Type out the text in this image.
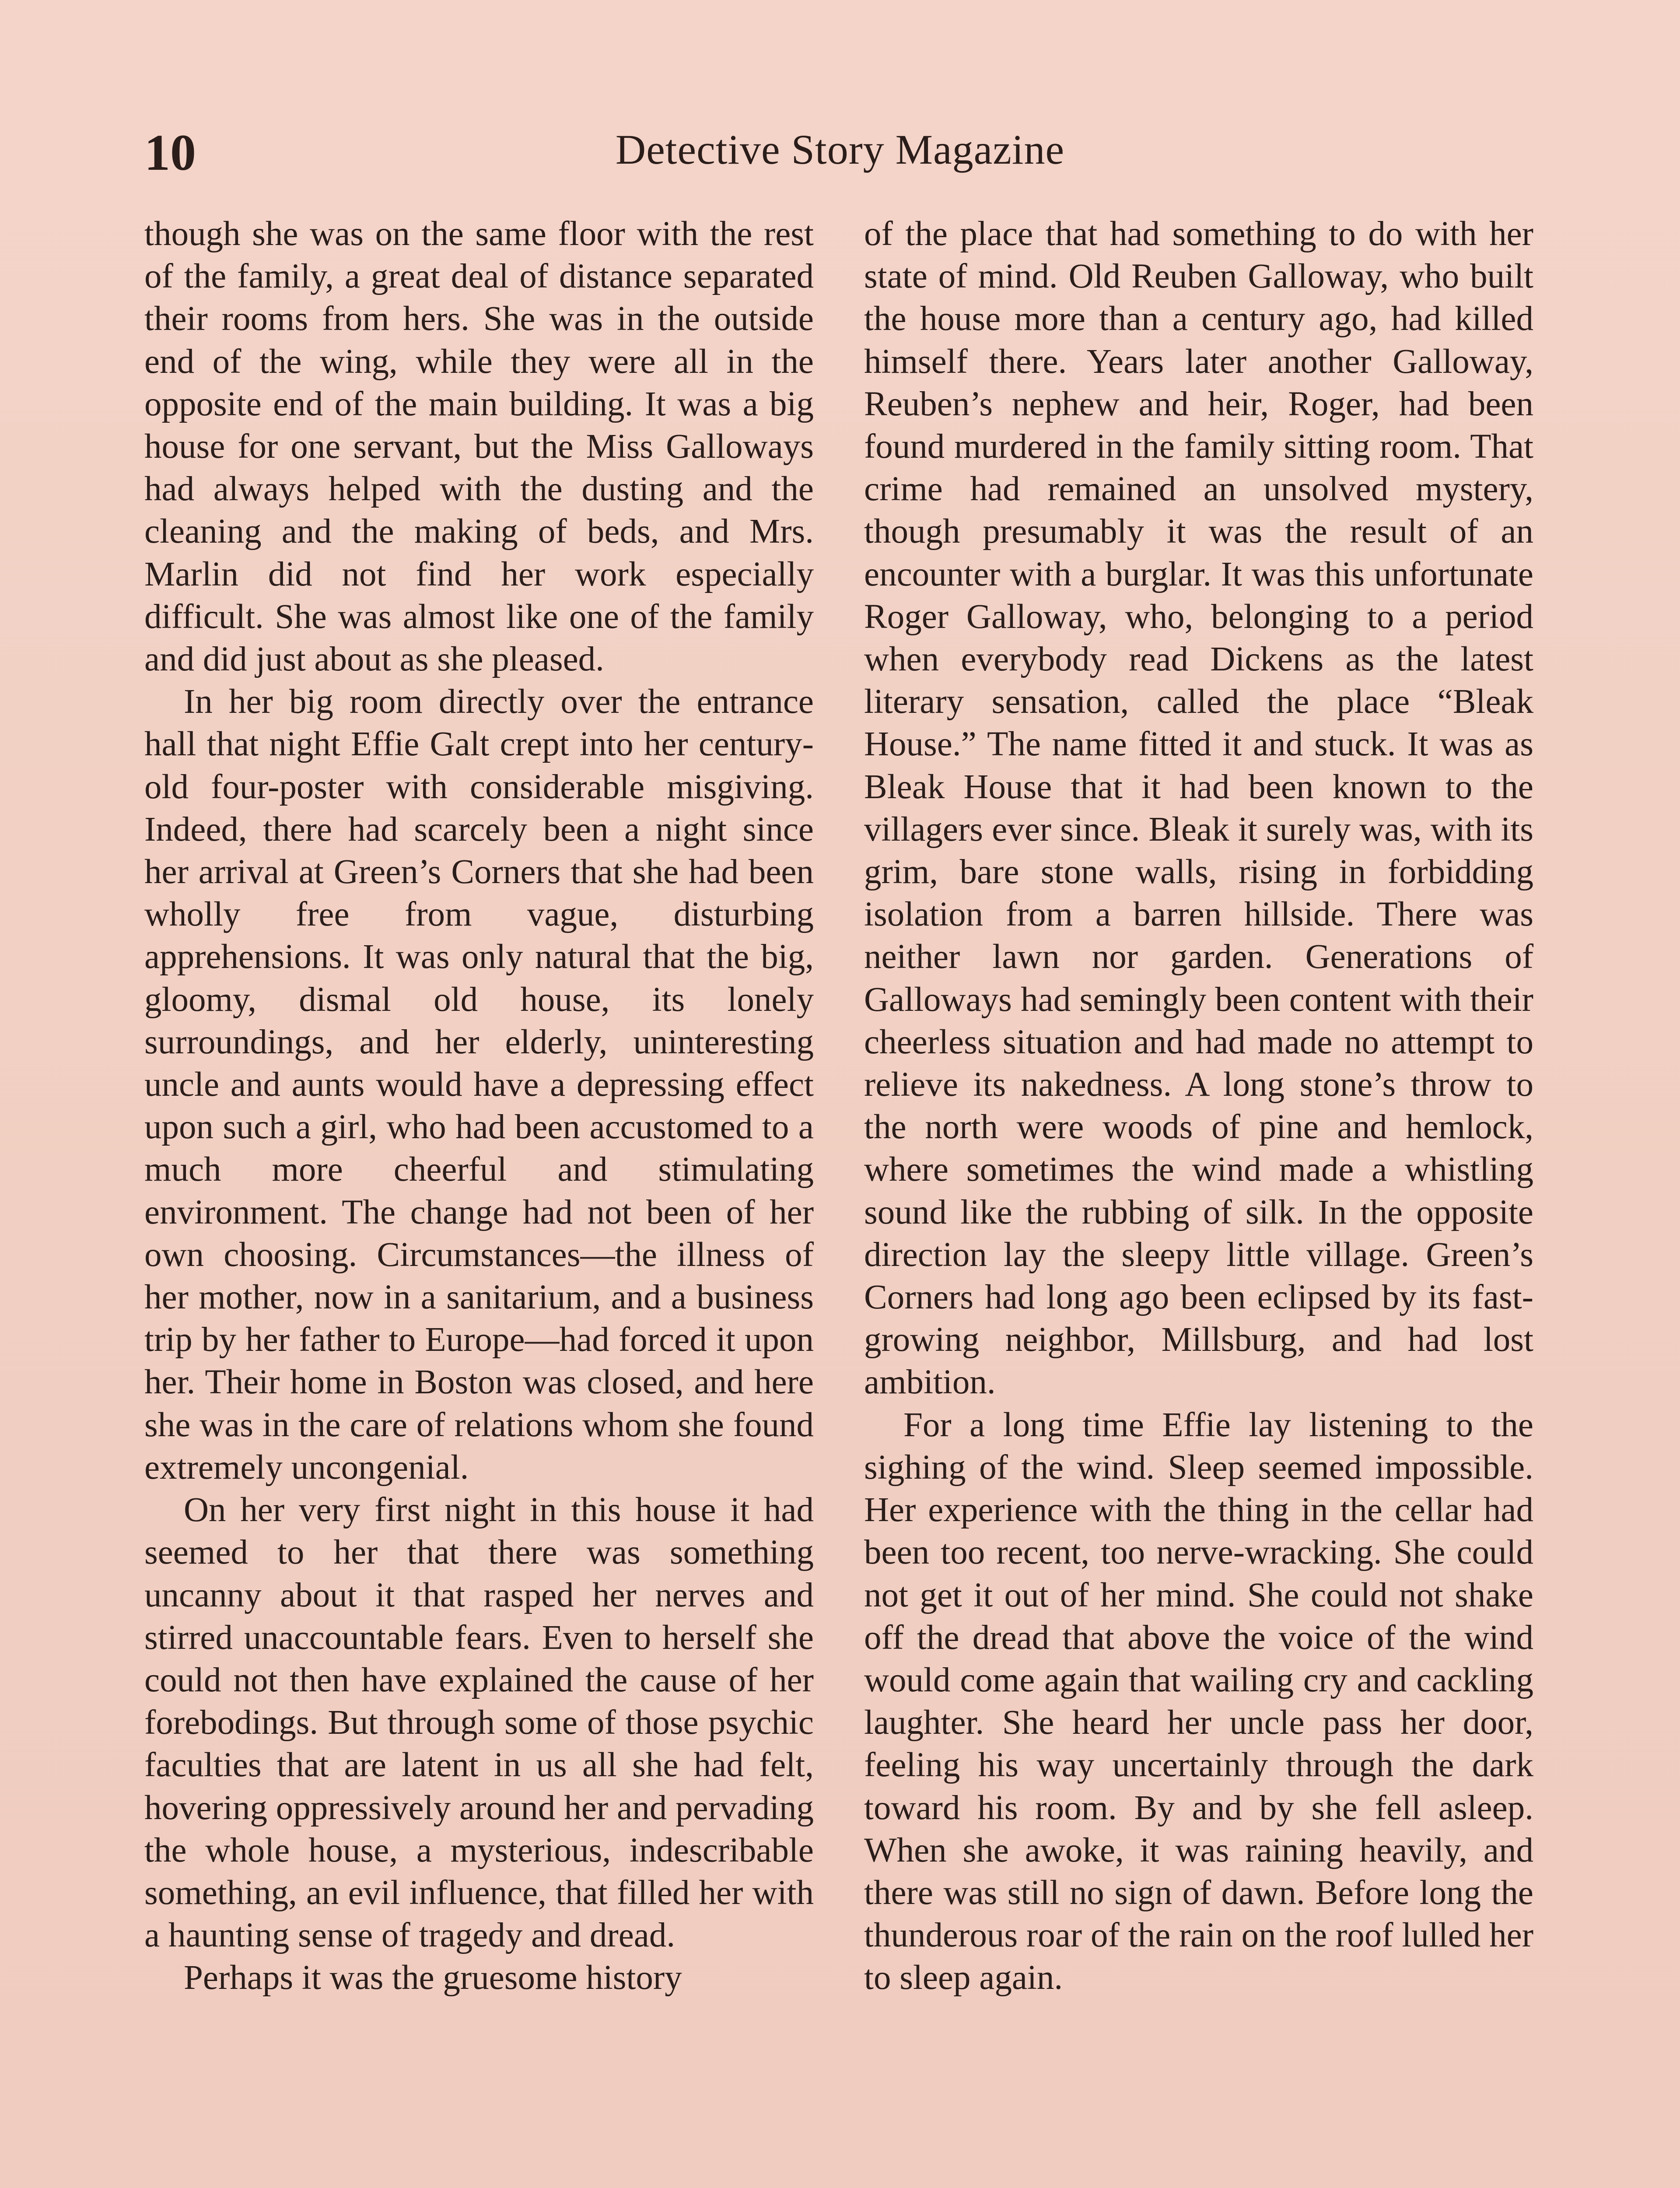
10	Detective Story Magazine

though she was on the same floor with the rest of the family, a great deal of distance separated their rooms from hers. She was in the outside end of the wing, while they were all in the opposite end of the main building. It was a big house for one servant, but the Miss Galloways had always helped with the dusting and the cleaning and the making of beds, and Mrs. Marlin did not find her work especially difficult. She was almost like one of the family and did just about as she pleased.

In her big room directly over the entrance hall that night Effie Galt crept into her century-old four-poster with considerable misgiving. Indeed, there had scarcely been a night since her arrival at Green’s Corners that she had been wholly free from vague, disturbing apprehensions. It was only natural that the big, gloomy, dismal old house, its lonely surroundings, and her elderly, uninteresting uncle and aunts would have a depressing effect upon such a girl, who had been accustomed to a much more cheerful and stimulating environment. The change had not been of her own choosing. Circumstances—the illness of her mother, now in a sanitarium, and a business trip by her father to Europe—had forced it upon her. Their home in Boston was closed, and here she was in the care of relations whom she found extremely uncongenial.

On her very first night in this house it had seemed to her that there was something uncanny about it that rasped her nerves and stirred unaccountable fears. Even to herself she could not then have explained the cause of her forebodings. But through some of those psychic faculties that are latent in us all she had felt, hovering oppressively around her and pervading the whole house, a mysterious, indescribable something, an evil influence, that filled her with a haunting sense of tragedy and dread.

Perhaps it was the gruesome history

of the place that had something to do with her state of mind. Old Reuben Galloway, who built the house more than a century ago, had killed himself there. Years later another Galloway, Reuben’s nephew and heir, Roger, had been found murdered in the family sitting room. That crime had remained an unsolved mystery, though presumably it was the result of an encounter with a burglar. It was this unfortunate Roger Galloway, who, belonging to a period when everybody read Dickens as the latest literary sensation, called the place “Bleak House.” The name fitted it and stuck. It was as Bleak House that it had been known to the villagers ever since. Bleak it surely was, with its grim, bare stone walls, rising in forbidding isolation from a barren hillside. There was neither lawn nor garden. Generations of Galloways had semingly been content with their cheerless situation and had made no attempt to relieve its nakedness. A long stone’s throw to the north were woods of pine and hemlock, where sometimes the wind made a whistling sound like the rubbing of silk. In the opposite direction lay the sleepy little village. Green’s Corners had long ago been eclipsed by its fast-growing neighbor, Millsburg, and had lost ambition.

For a long time Effie lay listening to the sighing of the wind. Sleep seemed impossible. Her experience with the thing in the cellar had been too recent, too nerve-wracking. She could not get it out of her mind. She could not shake off the dread that above the voice of the wind would come again that wailing cry and cackling laughter. She heard her uncle pass her door, feeling his way uncertainly through the dark toward his room. By and by she fell asleep. When she awoke, it was raining heavily, and there was still no sign of dawn. Before long the thunderous roar of the rain on the roof lulled her to sleep again.
